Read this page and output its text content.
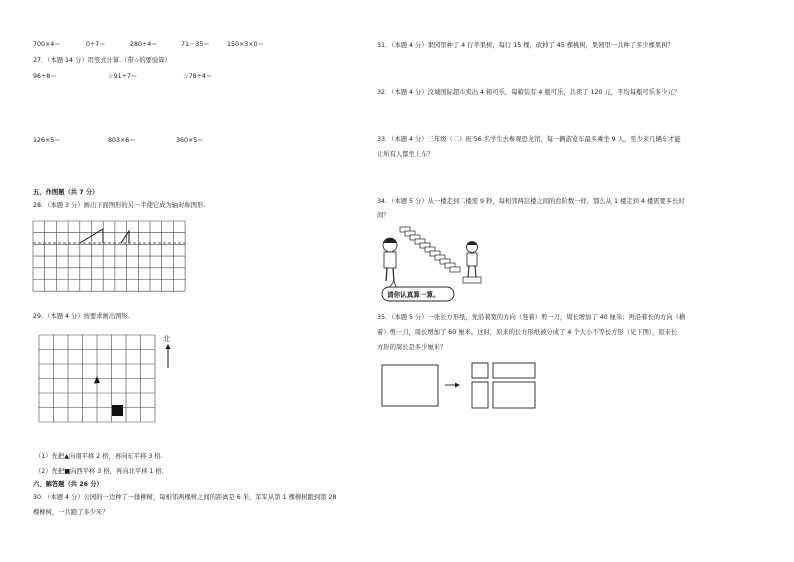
700×4＝	0÷7＝	280÷4＝	71－35＝	150×3×0＝
27．（本题 14 分）用竖式计算.（带☆的要验算）
96÷8＝	☆91÷7＝	☆78÷4＝
126×5＝	803×6＝	360×5＝
五、作图题（共 7 分）
28．（本题 3 分）画出下面图形的另一半使它成为轴对称图形.
29．（本题 4 分）按要求画出图形.
北
（1）先把▲向南平移 2 格，再向东平移 3 格.
（2）先把■向西平移 3 格，再向北平移 1 格.
六、解答题（共 26 分）
30．（本题 4 分）公园的一边种了一排柳树，每相邻两棵树之间的距离是 6 米，军军从第 1 棵柳树跑到第 28
棵柳树，一共跑了多少米？
31．（本题 4 分）果园里种了 4 行苹果树，每行 15 棵，砍掉了 45 棵桃树，果园里一共种了多少棵果树？
32．（本题 4 分）汶城国际超市卖出 4 箱可乐，每箱装有 4 瓶可乐，共卖了 120 元，平均每瓶可乐多少元？
33．（本题 4 分）三年级（二）班 56 名学生去参观恐龙馆，每一辆游览车最多乘坐 9 人，至少来几辆车才能
让所有人都坐上车？
34．（本题 5 分）从一楼走到二楼需 9 秒，每相邻两层楼之间的台阶数一样，那么从 1 楼走到 4 楼需要多长时
间？
请你认真算一算。
35．（本题 5 分）一张长方形纸，先沿着宽的方向（竖着）剪一刀，周长增加了 40 厘米；再沿着长的方向（横
着）剪一刀，周长增加了 60 厘米。这时，原来的长方形纸被分成了 4 个大小不等长方形（见下图），原来长
方形的周长是多少厘米？
